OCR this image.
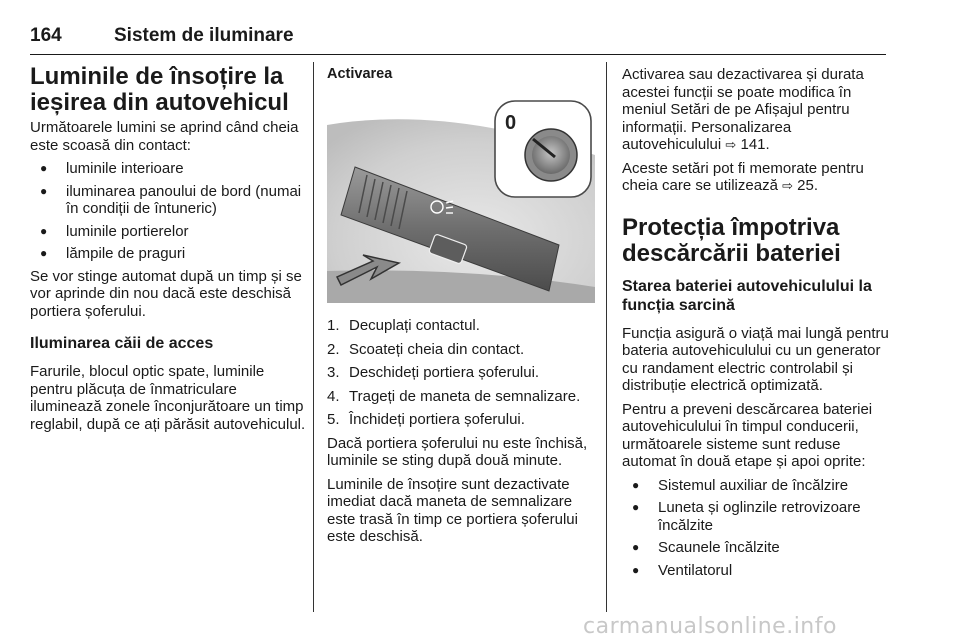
164	Sistem de iluminare
Luminile de însoțire la ieșirea din autovehicul

Următoarele lumini se aprind când cheia este scoasă din contact:

● luminile interioare
● iluminarea panoului de bord (numai în condiții de întuneric)
● luminile portierelor
● lămpile de praguri

Se vor stinge automat după un timp și se vor aprinde din nou dacă este deschisă portiera șoferului.

Iluminarea căii de acces

Farurile, blocul optic spate, luminile pentru plăcuța de înmatriculare iluminează zonele înconjurătoare un timp reglabil, după ce ați părăsit autovehiculul.

Activarea
0
1. Decuplați contactul.
2. Scoateți cheia din contact.
3. Deschideți portiera șoferului.
4. Trageți de maneta de semnalizare.
5. Închideți portiera șoferului.

Dacă portiera șoferului nu este închisă, luminile se sting după două minute.

Luminile de însoțire sunt dezactivate imediat dacă maneta de semnalizare este trasă în timp ce portiera șoferului este deschisă.

Activarea sau dezactivarea și durata acestei funcții se poate modifica în meniul Setări de pe Afișajul pentru informații. Personalizarea autovehiculului ⇨ 141.

Aceste setări pot fi memorate pentru cheia care se utilizează ⇨ 25.

Protecția împotriva descărcării bateriei
Starea bateriei autovehiculului la funcția sarcină

Funcția asigură o viață mai lungă pentru bateria autovehiculului cu un generator cu randament electric controlabil și distribuție electrică optimizată.

Pentru a preveni descărcarea bateriei autovehiculului în timpul conducerii, următoarele sisteme sunt reduse automat în două etape și apoi oprite:

● Sistemul auxiliar de încălzire
● Luneta și oglinzile retrovizoare încălzite
● Scaunele încălzite
● Ventilatorul
carmanualsonline.info
